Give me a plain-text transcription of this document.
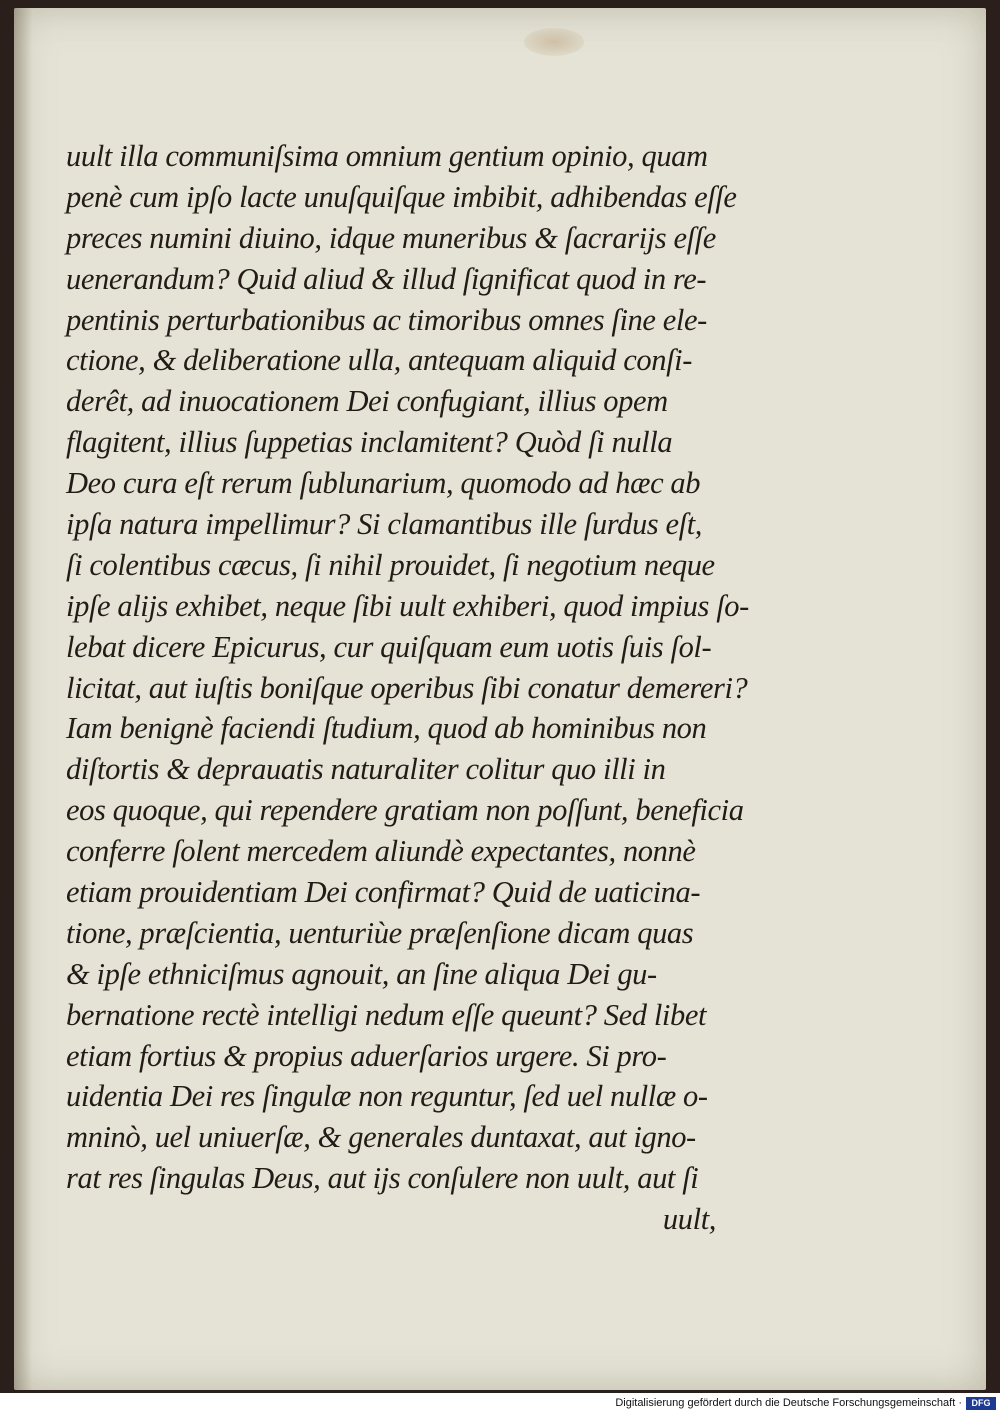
uult illa communiſsima omnium gentium opinio, quam
penè cum ipſo lacte unuſquiſque imbibit, adhibendas eſſe
preces numini diuino, idque muneribus & ſacrarijs eſſe
uenerandum? Quid aliud & illud ſignificat quod in re-
pentinis perturbationibus ac timoribus omnes ſine ele-
ctione, & deliberatione ulla, antequam aliquid conſi-
derêt, ad inuocationem Dei confugiant, illius opem
flagitent, illius ſuppetias inclamitent? Quòd ſi nulla
Deo cura eſt rerum ſublunarium, quomodo ad hæc ab
ipſa natura impellimur? Si clamantibus ille ſurdus eſt,
ſi colentibus cæcus, ſi nihil prouidet, ſi negotium neque
ipſe alijs exhibet, neque ſibi uult exhiberi, quod impius ſo-
lebat dicere Epicurus, cur quiſquam eum uotis ſuis ſol-
licitat, aut iuſtis boniſque operibus ſibi conatur demereri?
Iam benignè faciendi ſtudium, quod ab hominibus non
diſtortis & deprauatis naturaliter colitur quo illi in
eos quoque, qui rependere gratiam non poſſunt, beneficia
conferre ſolent mercedem aliundè expectantes, nonnè
etiam prouidentiam Dei confirmat? Quid de uaticina-
tione, præſcientia, uenturiùe præſenſione dicam quas
& ipſe ethniciſmus agnouit, an ſine aliqua Dei gu-
bernatione rectè intelligi nedum eſſe queunt? Sed libet
etiam fortius & propius aduerſarios urgere. Si pro-
uidentia Dei res ſingulæ non reguntur, ſed uel nullæ o-
mninò, uel uniuerſæ, & generales duntaxat, aut igno-
rat res ſingulas Deus, aut ijs conſulere non uult, aut ſi
uult,
Digitalisierung gefördert durch die Deutsche Forschungsgemeinschaft ·	DFG
